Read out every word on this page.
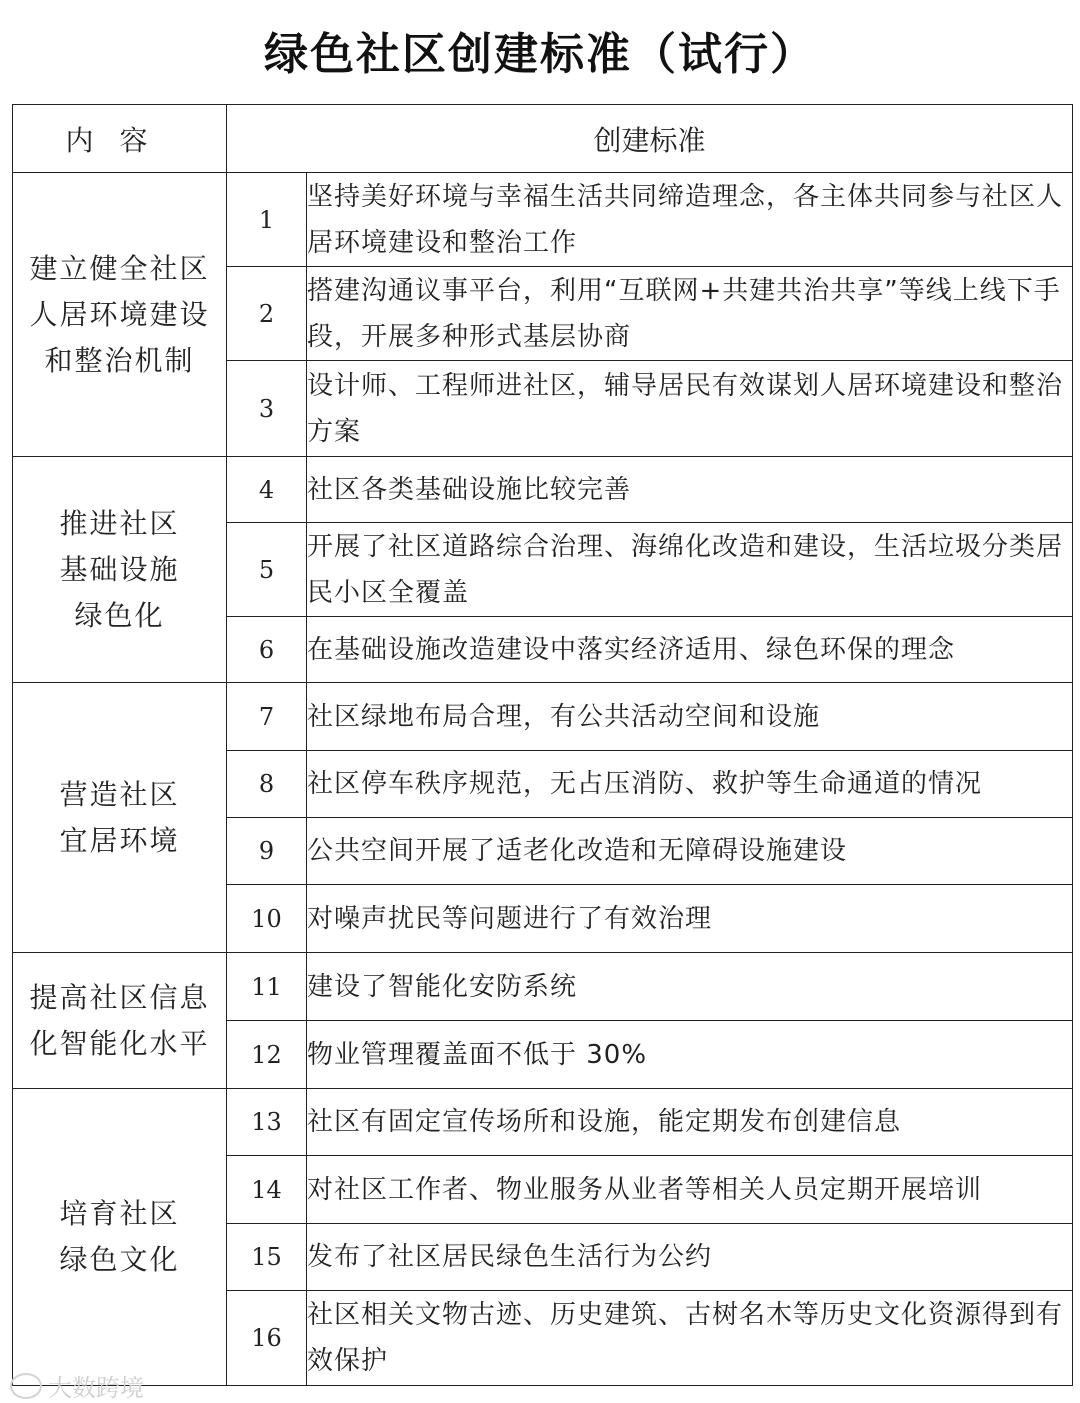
绿色社区创建标准（试行）
内容	创建标准	

建立健全社区
人居环境建设
和整治机制	1	坚持美好环境与幸福生活共同缔造理念，各主体共同参与社区人居环境建设和整治工作
	2	搭建沟通议事平台，利用“互联网+共建共治共享”等线上线下手段，开展多种形式基层协商
	3	设计师、工程师进社区，辅导居民有效谋划人居环境建设和整治方案

推进社区
基础设施
绿色化	4	社区各类基础设施比较完善
	5	开展了社区道路综合治理、海绵化改造和建设，生活垃圾分类居民小区全覆盖
	6	在基础设施改造建设中落实经济适用、绿色环保的理念

营造社区
宜居环境	7	社区绿地布局合理，有公共活动空间和设施
	8	社区停车秩序规范，无占压消防、救护等生命通道的情况
	9	公共空间开展了适老化改造和无障碍设施建设
	10	对噪声扰民等问题进行了有效治理

提高社区信息
化智能化水平	11	建设了智能化安防系统
	12	物业管理覆盖面不低于 30%

培育社区
绿色文化	13	社区有固定宣传场所和设施，能定期发布创建信息
	14	对社区工作者、物业服务从业者等相关人员定期开展培训
	15	发布了社区居民绿色生活行为公约
	16	社区相关文物古迹、历史建筑、古树名木等历史文化资源得到有效保护
大数跨境
